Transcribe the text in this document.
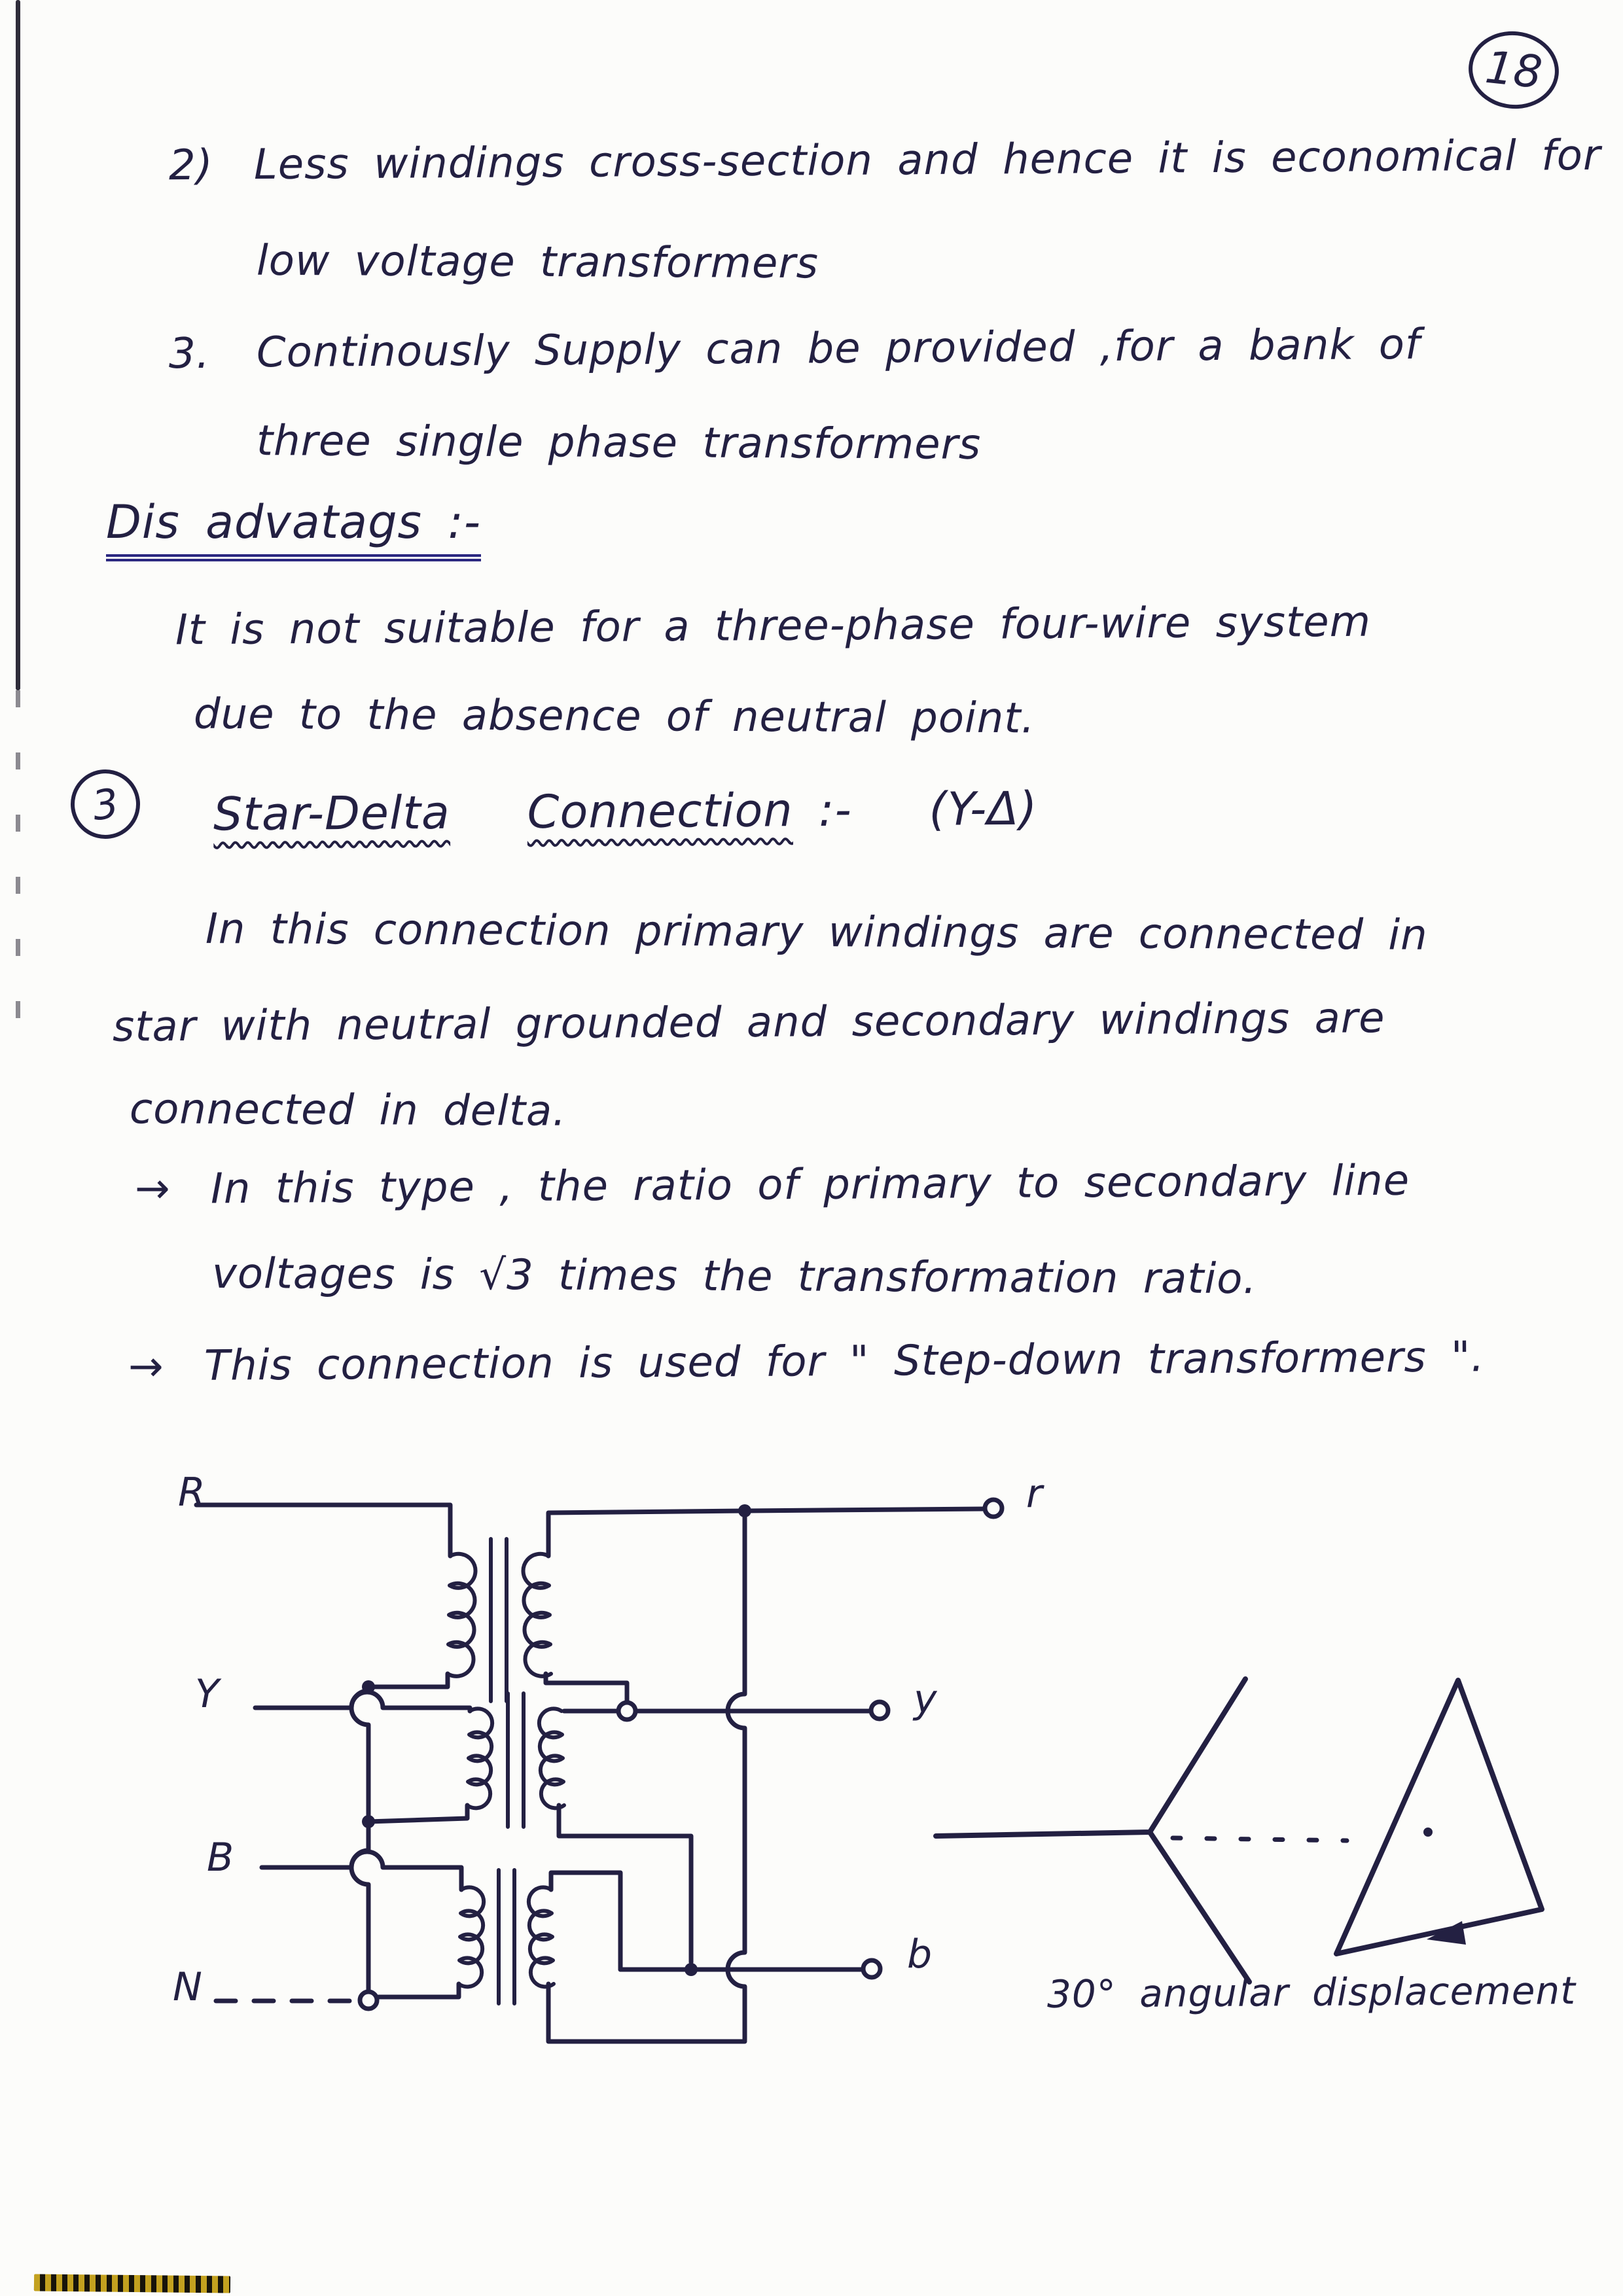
18
2) Less windings cross-section and hence it is economical for
low voltage transformers
3. Continously Supply can be provided ,for a bank of
three single phase transformers
Dis advatags :-
It is not suitable for a three-phase four-wire system
due to the absence of neutral point.
3 Star-Delta Connection :- (Y-Δ)
In this connection primary windings are connected in
star with neutral grounded and secondary windings are
connected in delta.
→ In this type , the ratio of primary to secondary line
voltages is √3 times the transformation ratio.
→ This connection is used for " Step-down transformers ".
R
Y
B
N
r
y
b
30° angular displacement
